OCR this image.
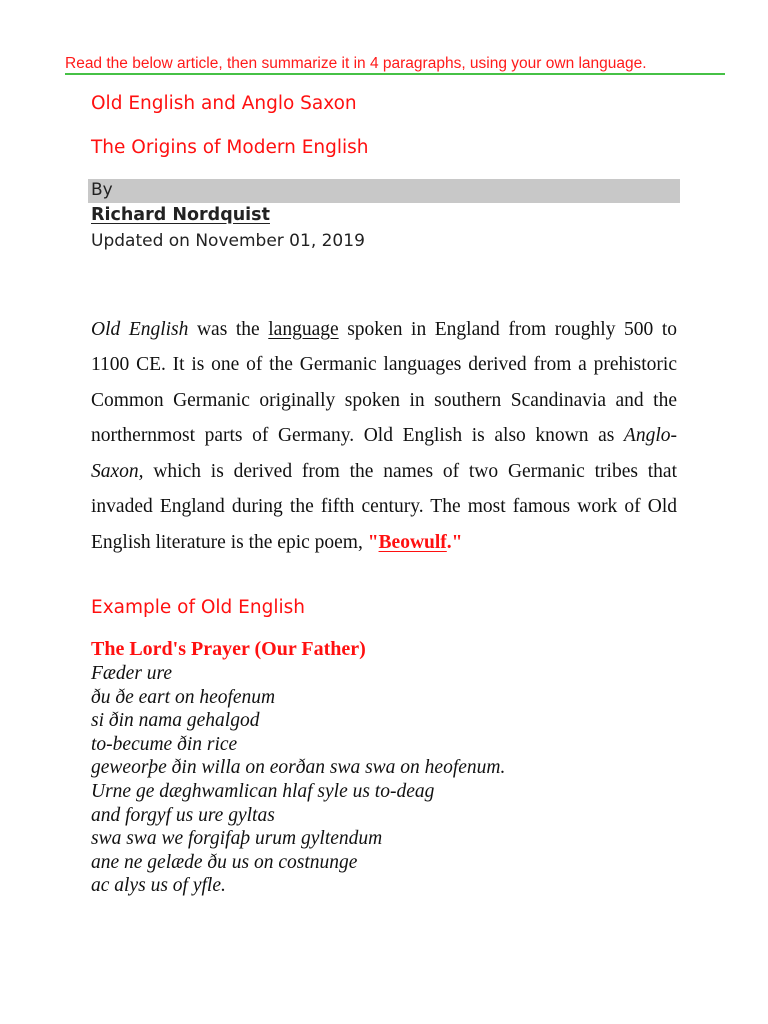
Read the below article, then summarize it in 4 paragraphs, using your own language.
Old English and Anglo Saxon
The Origins of Modern English
By
Richard Nordquist
Updated on November 01, 2019

Old English was the language spoken in England from roughly 500 to 1100 CE. It is one of the Germanic languages derived from a prehistoric Common Germanic originally spoken in southern Scandinavia and the northernmost parts of Germany. Old English is also known as Anglo-Saxon, which is derived from the names of two Germanic tribes that invaded England during the fifth century. The most famous work of Old English literature is the epic poem, "Beowulf."

Example of Old English
The Lord's Prayer (Our Father)
Fæder ure
ðu ðe eart on heofenum
si ðin nama gehalgod
to-becume ðin rice
geweorþe ðin willa on eorðan swa swa on heofenum.
Urne ge dæghwamlican hlaf syle us to-deag
and forgyf us ure gyltas
swa swa we forgifaþ urum gyltendum
ane ne gelæde ðu us on costnunge
ac alys us of yfle.
